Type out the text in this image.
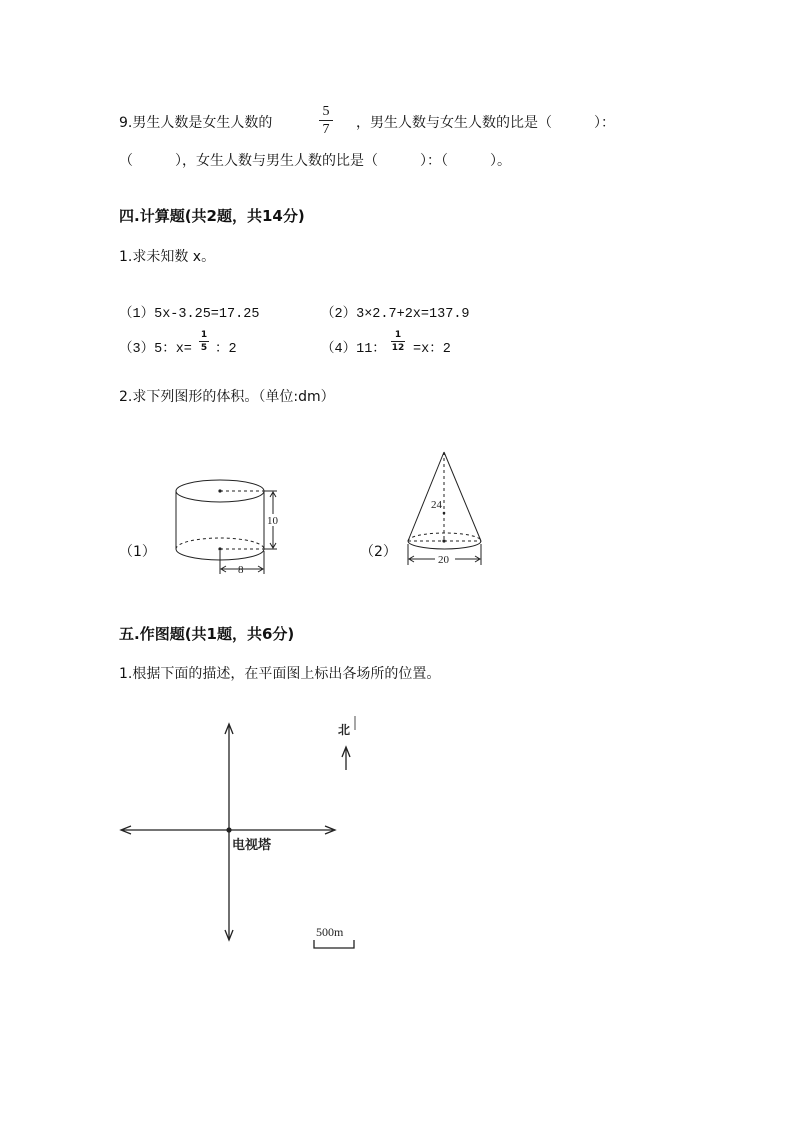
9.男生人数是女生人数的
5
7 ，男生人数与女生人数的比是（　　　）：
（　　　），女生人数与男生人数的比是（　　　）：（　　　）。
四.计算题(共2题，共14分)
1.求未知数 x。
（1）5x-3.25=17.25	（2）3×2.7+2x=137.9
（3）5：x=
1
5 ：2	（4）11：
1
12 =x：2
2.求下列图形的体积。（单位:dm）
（1）	（2）
10
8
24
20
五.作图题(共1题，共6分)
1.根据下面的描述，在平面图上标出各场所的位置。
电视塔
北
500m
